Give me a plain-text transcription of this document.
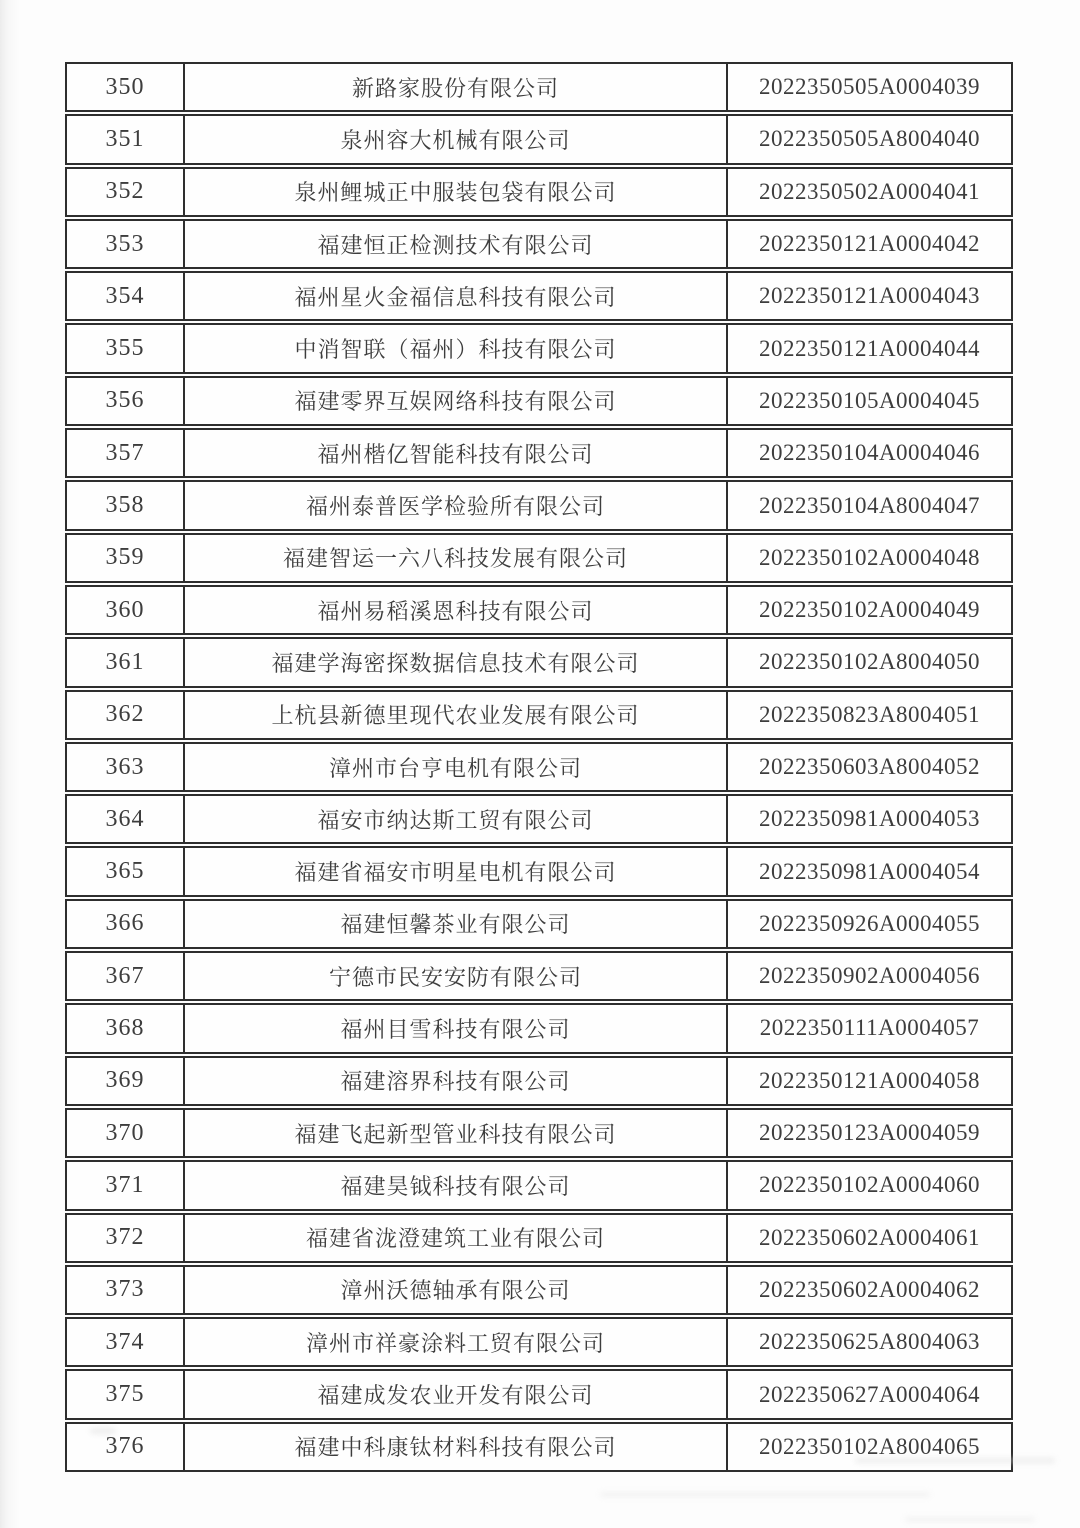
350	新路家股份有限公司	2022350505A0004039
351	泉州容大机械有限公司	2022350505A8004040
352	泉州鲤城正中服装包袋有限公司	2022350502A0004041
353	福建恒正检测技术有限公司	2022350121A0004042
354	福州星火金福信息科技有限公司	2022350121A0004043
355	中消智联（福州）科技有限公司	2022350121A0004044
356	福建零界互娱网络科技有限公司	2022350105A0004045
357	福州楷亿智能科技有限公司	2022350104A0004046
358	福州泰普医学检验所有限公司	2022350104A8004047
359	福建智运一六八科技发展有限公司	2022350102A0004048
360	福州易稻溪恩科技有限公司	2022350102A0004049
361	福建学海密探数据信息技术有限公司	2022350102A8004050
362	上杭县新德里现代农业发展有限公司	2022350823A8004051
363	漳州市台亨电机有限公司	2022350603A8004052
364	福安市纳达斯工贸有限公司	2022350981A0004053
365	福建省福安市明星电机有限公司	2022350981A0004054
366	福建恒馨茶业有限公司	2022350926A0004055
367	宁德市民安安防有限公司	2022350902A0004056
368	福州目雪科技有限公司	2022350111A0004057
369	福建溶界科技有限公司	2022350121A0004058
370	福建飞起新型管业科技有限公司	2022350123A0004059
371	福建昊钺科技有限公司	2022350102A0004060
372	福建省泷澄建筑工业有限公司	2022350602A0004061
373	漳州沃德轴承有限公司	2022350602A0004062
374	漳州市祥豪涂料工贸有限公司	2022350625A8004063
375	福建成发农业开发有限公司	2022350627A0004064
376	福建中科康钛材料科技有限公司	2022350102A8004065
